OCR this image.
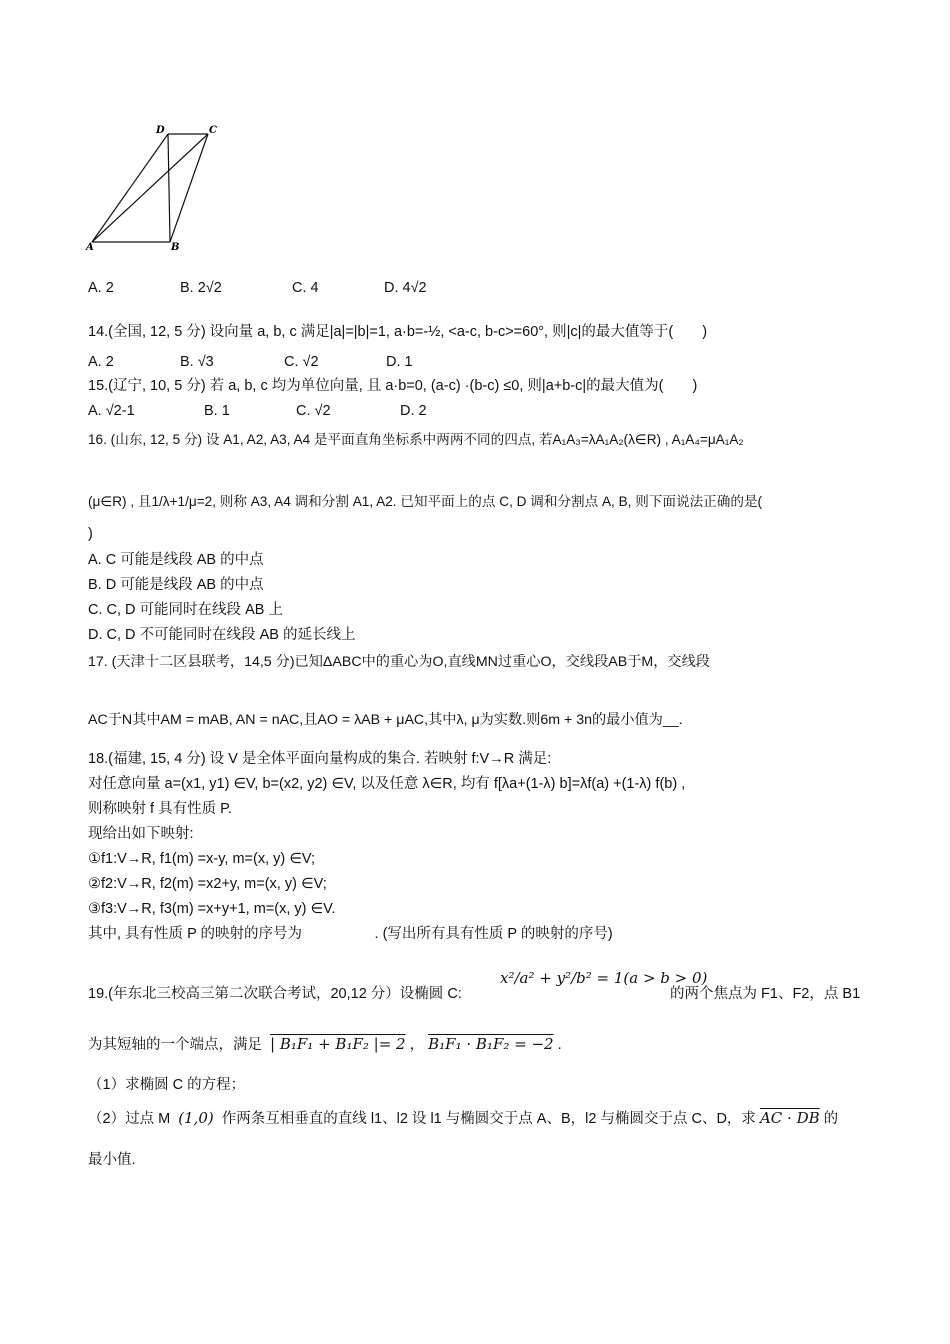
D	C
A	B
A. 2	B. 2√2	C. 4	D. 4√2
14.(全国, 12, 5 分) 设向量 a, b, c 满足|a|=|b|=1, a·b=-½, <a-c, b-c>=60°, 则|c|的最大值等于(　　)
A. 2	B. √3	C. √2	D. 1
15.(辽宁, 10, 5 分) 若 a, b, c 均为单位向量, 且 a·b=0, (a-c) ·(b-c) ≤0, 则|a+b-c|的最大值为(　　)
A. √2-1	B. 1	C. √2	D. 2
16. (山东, 12, 5 分) 设 A1, A2, A3, A4 是平面直角坐标系中两两不同的四点, 若A₁A₃=λA₁A₂(λ∈R) , A₁A₄=μA₁A₂
(μ∈R) , 且1/λ+1/μ=2, 则称 A3, A4 调和分割 A1, A2. 已知平面上的点 C, D 调和分割点 A, B, 则下面说法正确的是(
)
A. C 可能是线段 AB 的中点
B. D 可能是线段 AB 的中点
C. C, D 可能同时在线段 AB 上
D. C, D 不可能同时在线段 AB 的延长线上
17. (天津十二区县联考，14,5 分)已知ΔABC中的重心为O,直线MN过重心O，交线段AB于M，交线段
AC于N其中AM = mAB, AN = nAC,且AO = λAB + μAC,其中λ, μ为实数.则6m + 3n的最小值为__.
18.(福建, 15, 4 分) 设 V 是全体平面向量构成的集合. 若映射 f:V→R 满足:
对任意向量 a=(x1, y1) ∈V, b=(x2, y2) ∈V, 以及任意 λ∈R, 均有 f[λa+(1-λ) b]=λf(a) +(1-λ) f(b) ,
则称映射 f 具有性质 P.
现给出如下映射:
①f1:V→R, f1(m) =x-y, m=(x, y) ∈V;
②f2:V→R, f2(m) =x2+y, m=(x, y) ∈V;
③f3:V→R, f3(m) =x+y+1, m=(x, y) ∈V.
其中, 具有性质 P 的映射的序号为　　　　　. (写出所有具有性质 P 的映射的序号)
19.(年东北三校高三第二次联合考试，20,12 分）设椭圆 C:
x²/a² + y²/b² = 1(a > b > 0)
的两个焦点为 F1、F2，点 B1
为其短轴的一个端点，满足 | B₁F₁ + B₁F₂ |= 2 ， B₁F₁ · B₁F₂ = −2 .
（1）求椭圆 C 的方程；
（2）过点 M (1,0) 作两条互相垂直的直线 l1、l2 设 l1 与椭圆交于点 A、B，l2 与椭圆交于点 C、D，求 AC · DB 的
最小值.
